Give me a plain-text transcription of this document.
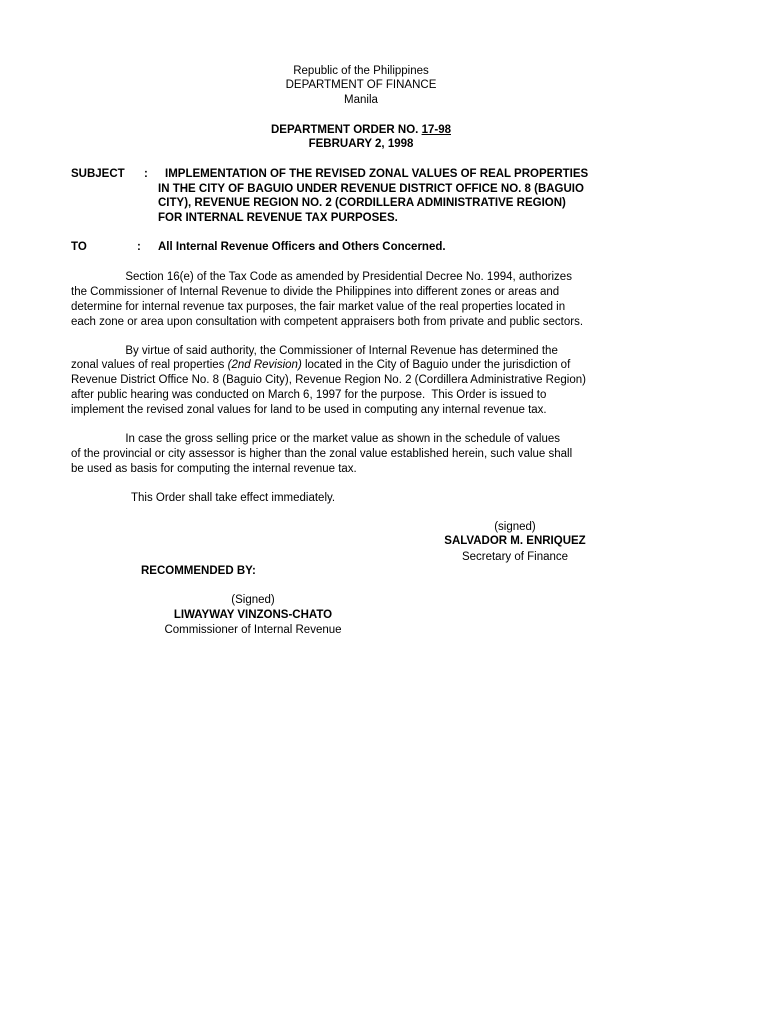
Republic of the Philippines
DEPARTMENT OF FINANCE
Manila
DEPARTMENT ORDER NO. 17-98
FEBRUARY 2, 1998
SUBJECT : IMPLEMENTATION OF THE REVISED ZONAL VALUES OF REAL PROPERTIES
IN THE CITY OF BAGUIO UNDER REVENUE DISTRICT OFFICE NO. 8 (BAGUIO
CITY), REVENUE REGION NO. 2 (CORDILLERA ADMINISTRATIVE REGION)
FOR INTERNAL REVENUE TAX PURPOSES.
TO	: All Internal Revenue Officers and Others Concerned.
Section 16(e) of the Tax Code as amended by Presidential Decree No. 1994, authorizes
the Commissioner of Internal Revenue to divide the Philippines into different zones or areas and
determine for internal revenue tax purposes, the fair market value of the real properties located in
each zone or area upon consultation with competent appraisers both from private and public sectors.
By virtue of said authority, the Commissioner of Internal Revenue has determined the
zonal values of real properties (2nd Revision) located in the City of Baguio under the jurisdiction of
Revenue District Office No. 8 (Baguio City), Revenue Region No. 2 (Cordillera Administrative Region)
after public hearing was conducted on March 6, 1997 for the purpose.  This Order is issued to
implement the revised zonal values for land to be used in computing any internal revenue tax.
In case the gross selling price or the market value as shown in the schedule of values
of the provincial or city assessor is higher than the zonal value established herein, such value shall
be used as basis for computing the internal revenue tax.
This Order shall take effect immediately.
(signed)
SALVADOR M. ENRIQUEZ
Secretary of Finance
RECOMMENDED BY:
(Signed)
LIWAYWAY VINZONS-CHATO
Commissioner of Internal Revenue
